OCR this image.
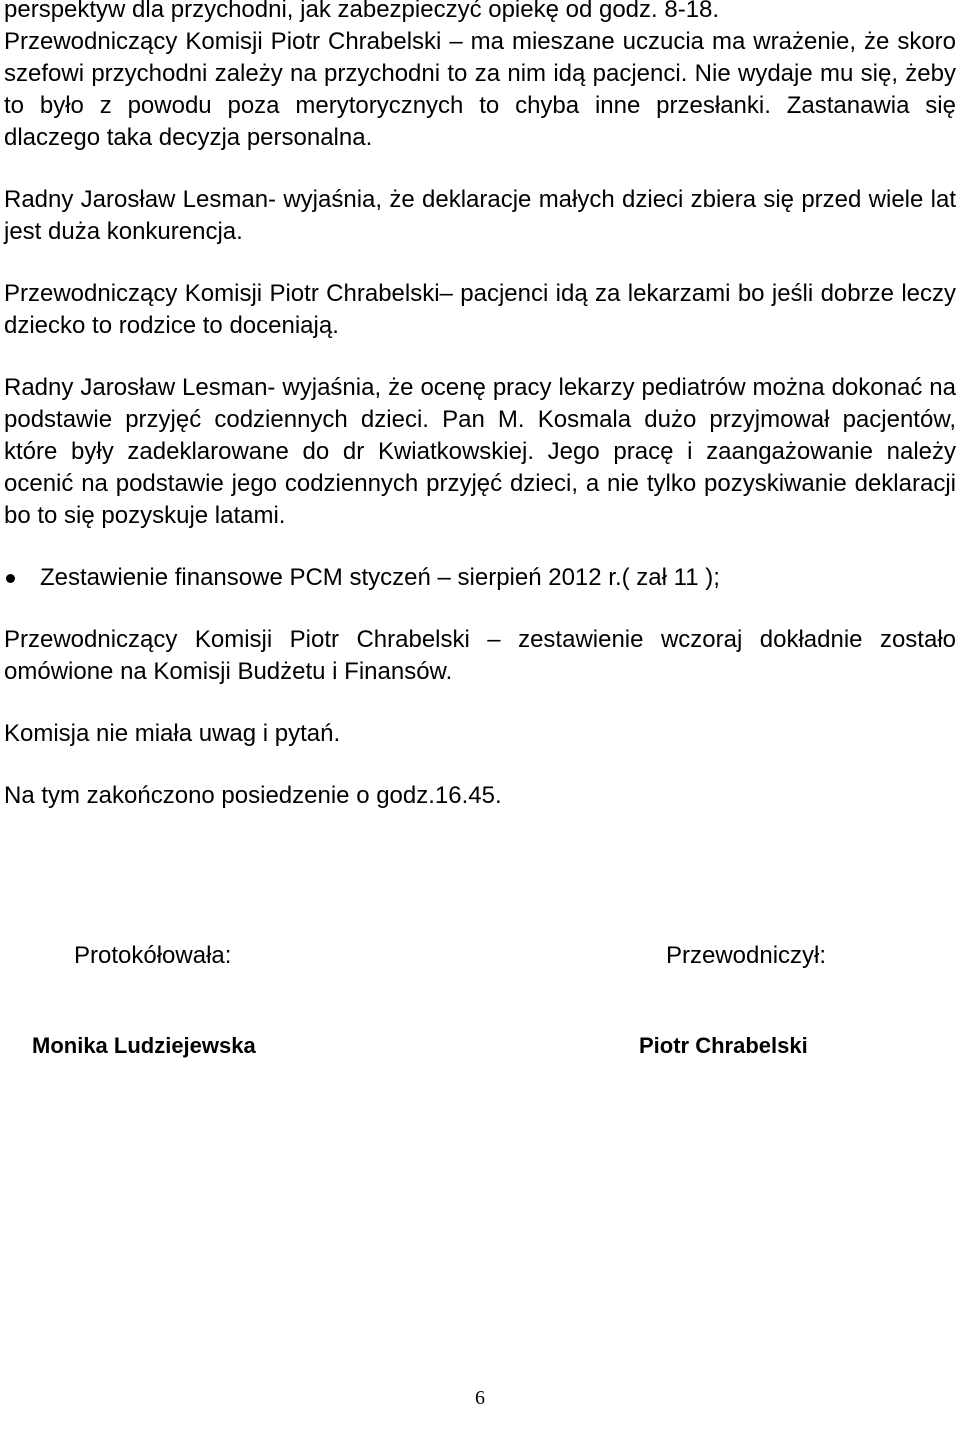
perspektyw dla przychodni, jak zabezpieczyć opiekę od godz. 8-18.

Przewodniczący Komisji Piotr Chrabelski – ma mieszane uczucia ma wrażenie, że skoro szefowi przychodni zależy na przychodni to za nim idą pacjenci. Nie wydaje mu się, żeby to było z powodu poza merytorycznych to chyba inne przesłanki. Zastanawia się dlaczego taka decyzja personalna.

Radny Jarosław Lesman- wyjaśnia, że deklaracje małych dzieci zbiera się przed wiele lat jest duża konkurencja.

Przewodniczący Komisji Piotr Chrabelski– pacjenci idą za lekarzami bo jeśli dobrze leczy dziecko to rodzice to doceniają.

Radny Jarosław Lesman- wyjaśnia, że ocenę pracy lekarzy pediatrów można dokonać na podstawie przyjęć codziennych dzieci. Pan M. Kosmala dużo przyjmował pacjentów, które były zadeklarowane do dr Kwiatkowskiej. Jego pracę i zaangażowanie należy ocenić na podstawie jego codziennych przyjęć dzieci, a nie tylko pozyskiwanie deklaracji bo to się pozyskuje latami.

Zestawienie finansowe PCM styczeń – sierpień 2012 r.( zał 11 );

Przewodniczący Komisji Piotr Chrabelski – zestawienie wczoraj dokładnie zostało omówione na Komisji Budżetu i Finansów.

Komisja nie miała uwag i pytań.

Na tym zakończono posiedzenie o godz.16.45.

Protokółowała:	Przewodniczył:
Monika Ludziejewska	Piotr Chrabelski
6
